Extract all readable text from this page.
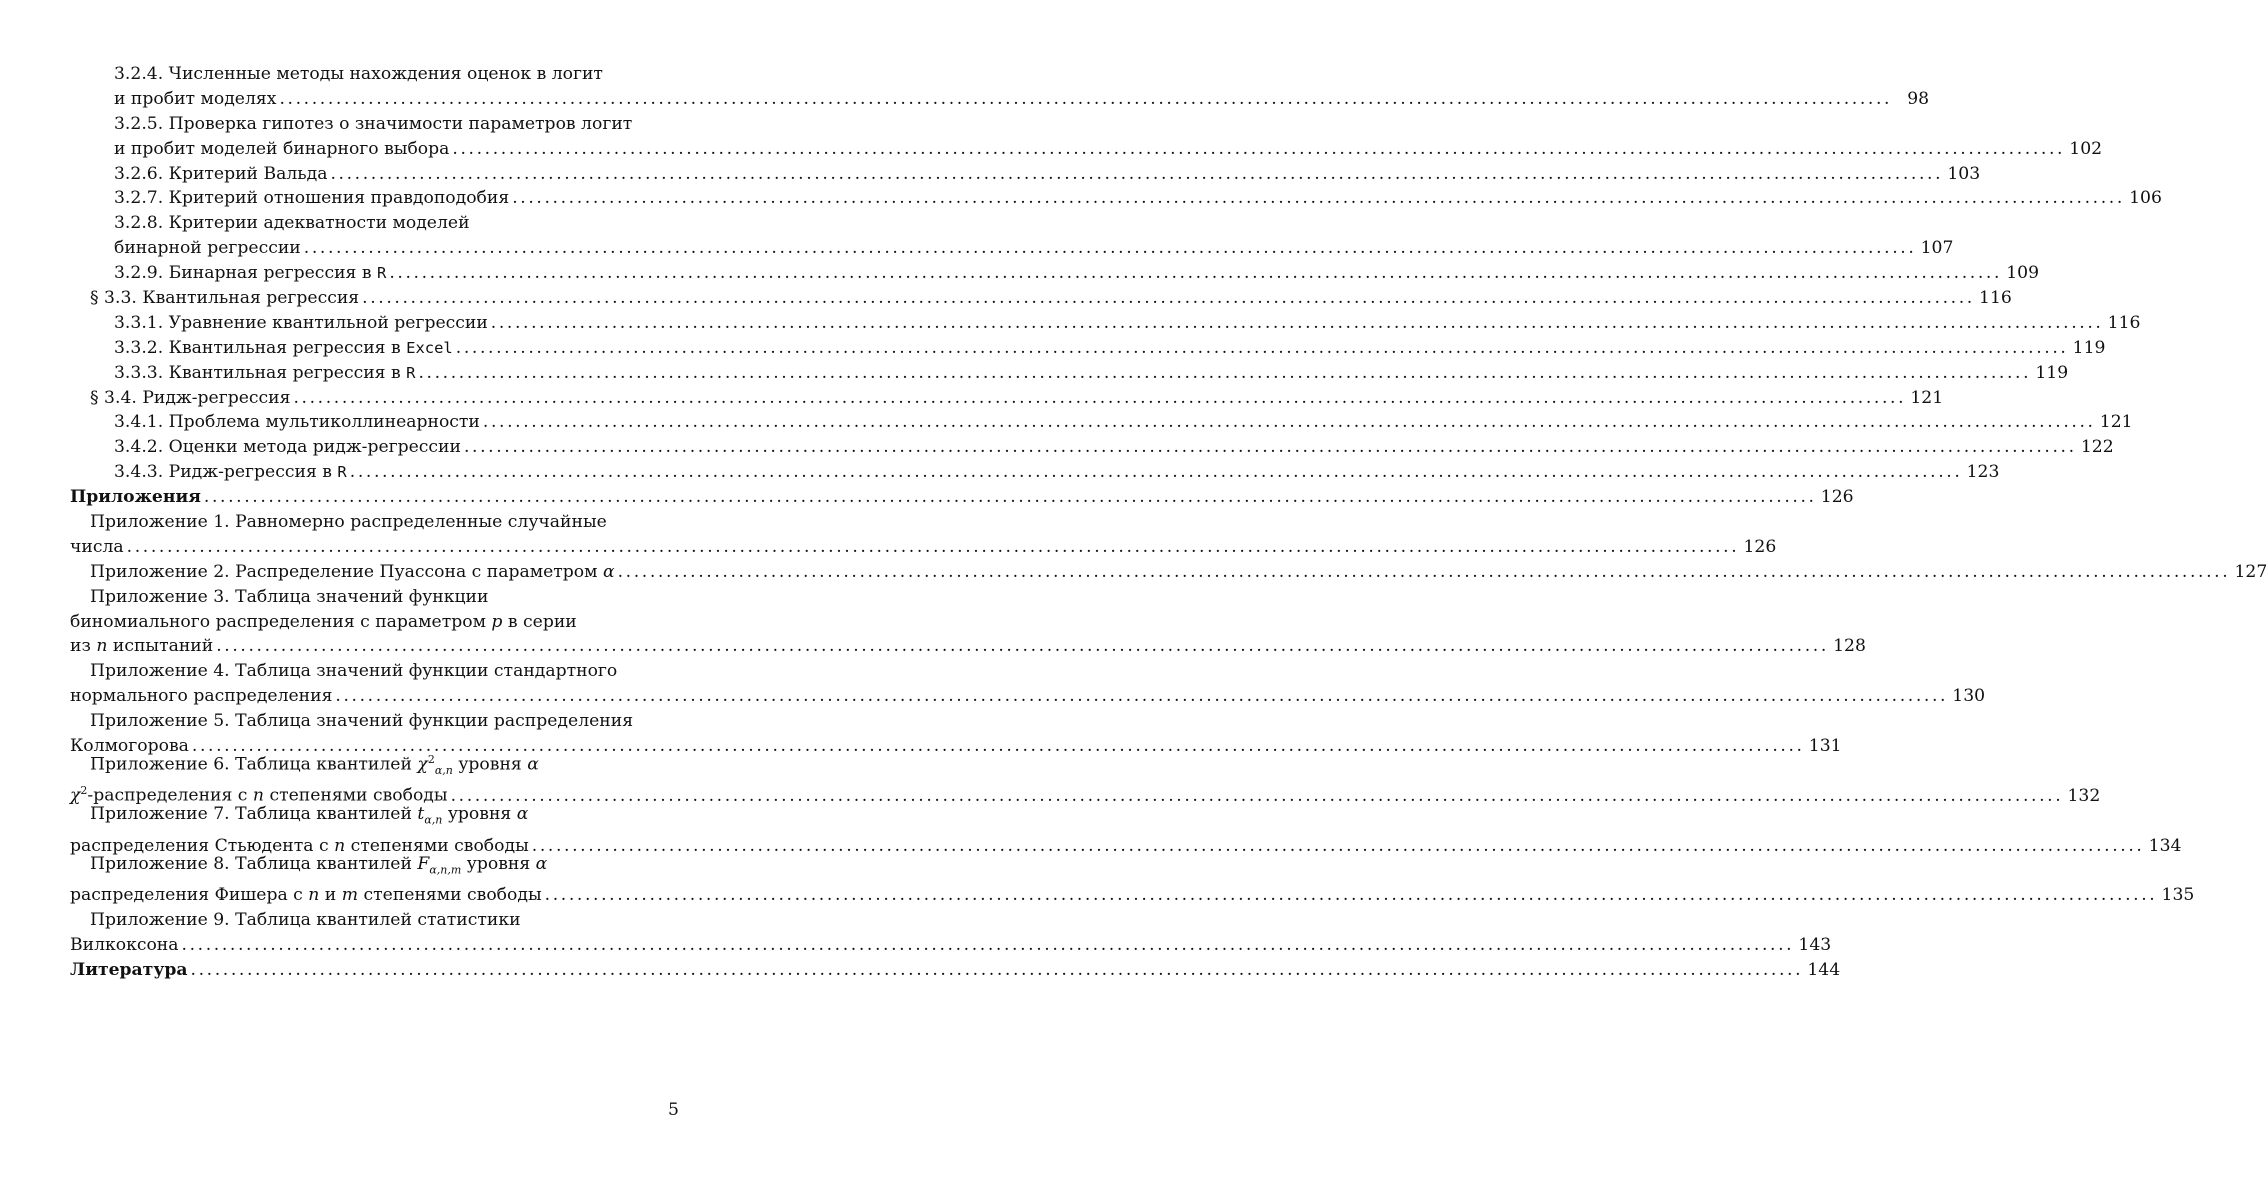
3.2.4. Численные методы нахождения оценок в логит
и пробит моделях ........................................................................................................................................................................................................ 98
3.2.5. Проверка гипотез о значимости параметров логит
и пробит моделей бинарного выбора ........................................................................................................................................................................................................ 102
3.2.6. Критерий Вальда ........................................................................................................................................................................................................ 103
3.2.7. Критерий отношения правдоподобия ........................................................................................................................................................................................................ 106
3.2.8. Критерии адекватности моделей
бинарной регрессии ........................................................................................................................................................................................................ 107
3.2.9. Бинарная регрессия в R ........................................................................................................................................................................................................ 109
§ 3.3. Квантильная регрессия ........................................................................................................................................................................................................ 116
3.3.1. Уравнение квантильной регрессии ........................................................................................................................................................................................................ 116
3.3.2. Квантильная регрессия в Excel ........................................................................................................................................................................................................ 119
3.3.3. Квантильная регрессия в R ........................................................................................................................................................................................................ 119
§ 3.4. Ридж-регрессия ........................................................................................................................................................................................................ 121
3.4.1. Проблема мультиколлинеарности ........................................................................................................................................................................................................ 121
3.4.2. Оценки метода ридж-регрессии ........................................................................................................................................................................................................ 122
3.4.3. Ридж-регрессия в R ........................................................................................................................................................................................................ 123
Приложения ........................................................................................................................................................................................................ 126
Приложение 1. Равномерно распределенные случайные
числа ........................................................................................................................................................................................................ 126
Приложение 2. Распределение Пуассона с параметром α ........................................................................................................................................................................................................ 127
Приложение 3. Таблица значений функции
биномиального распределения с параметром p в серии
из n испытаний ........................................................................................................................................................................................................ 128
Приложение 4. Таблица значений функции стандартного
нормального распределения ........................................................................................................................................................................................................ 130
Приложение 5. Таблица значений функции распределения
Колмогорова ........................................................................................................................................................................................................ 131
Приложение 6. Таблица квантилей $\chi^2_{\alpha,n}$ уровня α
$\chi^2$-распределения с n степенями свободы ........................................................................................................................................................................................................ 132
Приложение 7. Таблица квантилей $t_{\alpha,n}$ уровня α
распределения Стьюдента с n степенями свободы ........................................................................................................................................................................................................ 134
Приложение 8. Таблица квантилей $F_{\alpha,n,m}$ уровня α
распределения Фишера с n и m степенями свободы ........................................................................................................................................................................................................ 135
Приложение 9. Таблица квантилей статистики
Вилкоксона ........................................................................................................................................................................................................ 143
Литература ........................................................................................................................................................................................................ 144
5
